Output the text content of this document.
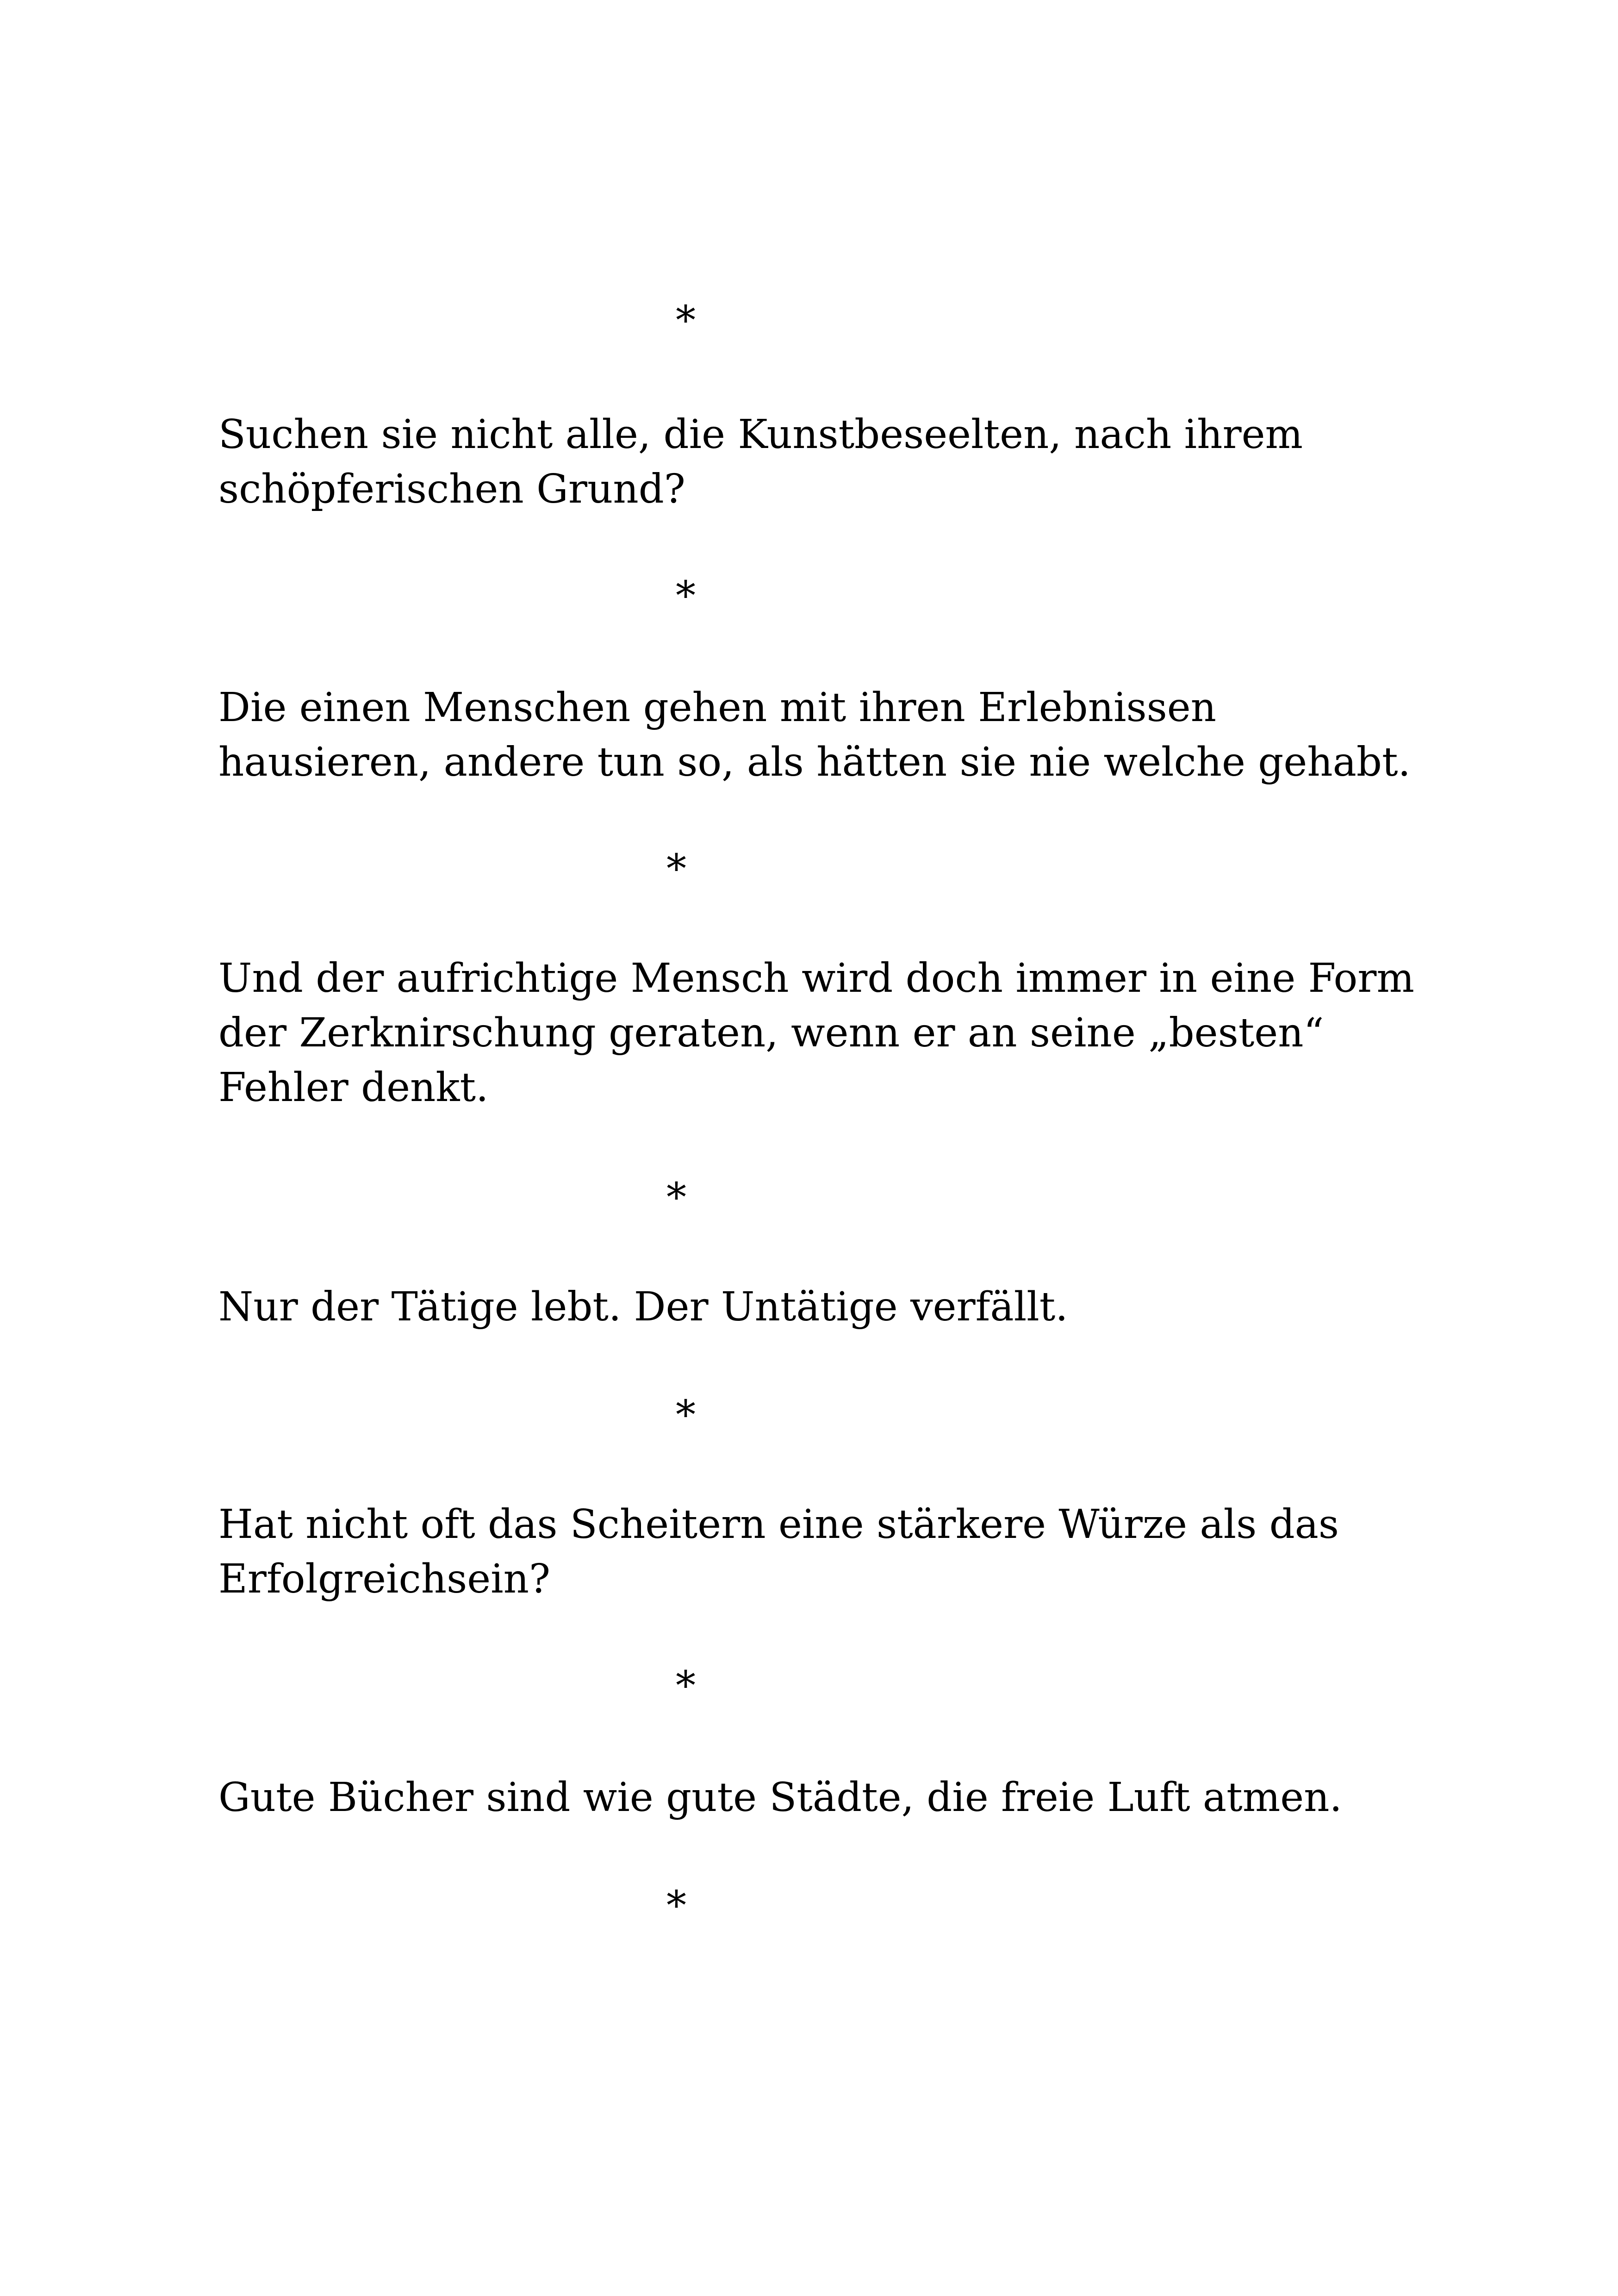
*

Suchen sie nicht alle, die Kunstbeseelten, nach ihrem
schöpferischen Grund?

*

Die einen Menschen gehen mit ihren Erlebnissen
hausieren, andere tun so, als hätten sie nie welche gehabt.

*

Und der aufrichtige Mensch wird doch immer in eine Form
der Zerknirschung geraten, wenn er an seine „besten“
Fehler denkt.

*

Nur der Tätige lebt. Der Untätige verfällt.

*

Hat nicht oft das Scheitern eine stärkere Würze als das
Erfolgreichsein?

*

Gute Bücher sind wie gute Städte, die freie Luft atmen.

*
